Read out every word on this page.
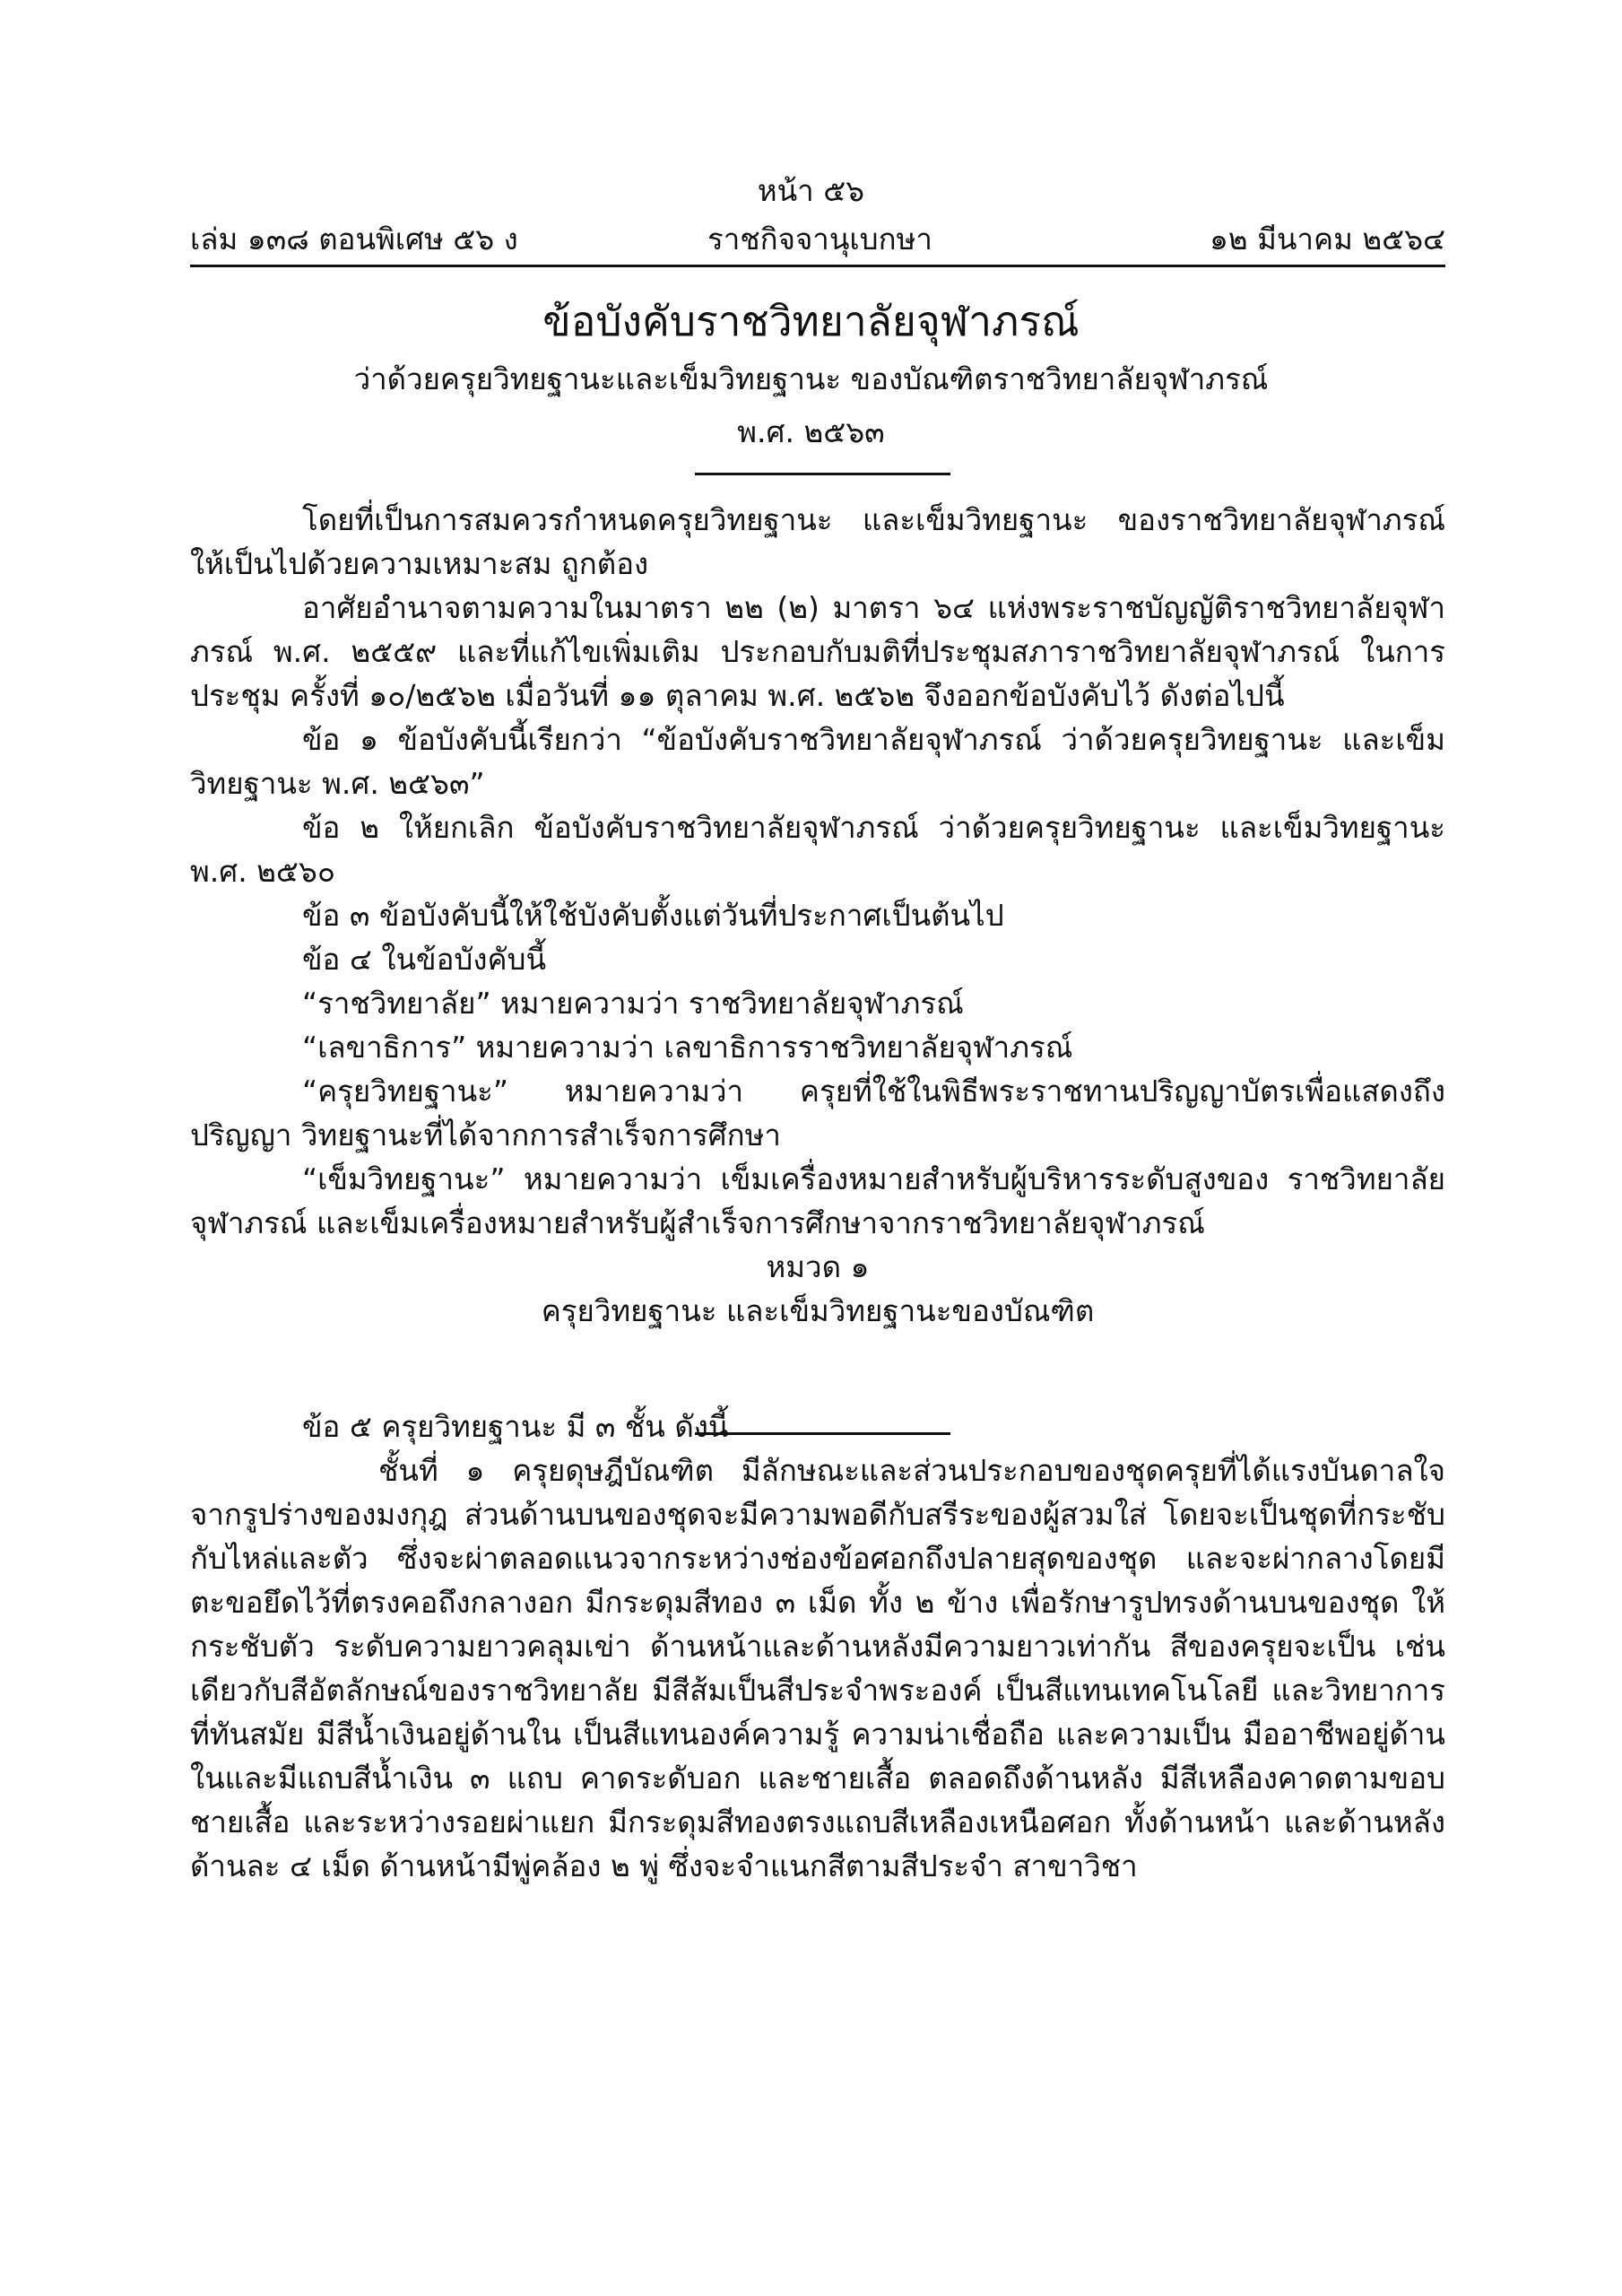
หน้า ๕๖
เล่ม ๑๓๘ ตอนพิเศษ ๕๖ ง	ราชกิจจานุเบกษา	๑๒ มีนาคม ๒๕๖๔
ข้อบังคับราชวิทยาลัยจุฬาภรณ์
ว่าด้วยครุยวิทยฐานะและเข็มวิทยฐานะ ของบัณฑิตราชวิทยาลัยจุฬาภรณ์
พ.ศ. ๒๕๖๓

โดยที่เป็นการสมควรกำหนดครุยวิทยฐานะ และเข็มวิทยฐานะ ของราชวิทยาลัยจุฬาภรณ์ ให้เป็นไปด้วยความเหมาะสม ถูกต้อง

อาศัยอำนาจตามความในมาตรา ๒๒ (๒) มาตรา ๖๔ แห่งพระราชบัญญัติราชวิทยาลัยจุฬาภรณ์ พ.ศ. ๒๕๕๙ และที่แก้ไขเพิ่มเติม ประกอบกับมติที่ประชุมสภาราชวิทยาลัยจุฬาภรณ์ ในการประชุม ครั้งที่ ๑๐/๒๕๖๒ เมื่อวันที่ ๑๑ ตุลาคม พ.ศ. ๒๕๖๒ จึงออกข้อบังคับไว้ ดังต่อไปนี้

ข้อ ๑ ข้อบังคับนี้เรียกว่า “ข้อบังคับราชวิทยาลัยจุฬาภรณ์ ว่าด้วยครุยวิทยฐานะ และเข็มวิทยฐานะ พ.ศ. ๒๕๖๓”

ข้อ ๒ ให้ยกเลิก ข้อบังคับราชวิทยาลัยจุฬาภรณ์ ว่าด้วยครุยวิทยฐานะ และเข็มวิทยฐานะ พ.ศ. ๒๕๖๐

ข้อ ๓ ข้อบังคับนี้ให้ใช้บังคับตั้งแต่วันที่ประกาศเป็นต้นไป

ข้อ ๔ ในข้อบังคับนี้

“ราชวิทยาลัย” หมายความว่า ราชวิทยาลัยจุฬาภรณ์

“เลขาธิการ” หมายความว่า เลขาธิการราชวิทยาลัยจุฬาภรณ์

“ครุยวิทยฐานะ” หมายความว่า ครุยที่ใช้ในพิธีพระราชทานปริญญาบัตรเพื่อแสดงถึงปริญญา วิทยฐานะที่ได้จากการสำเร็จการศึกษา

“เข็มวิทยฐานะ” หมายความว่า เข็มเครื่องหมายสำหรับผู้บริหารระดับสูงของ ราชวิทยาลัยจุฬาภรณ์ และเข็มเครื่องหมายสำหรับผู้สำเร็จการศึกษาจากราชวิทยาลัยจุฬาภรณ์

หมวด ๑

ครุยวิทยฐานะ และเข็มวิทยฐานะของบัณฑิต

ข้อ ๕ ครุยวิทยฐานะ มี ๓ ชั้น ดังนี้

ชั้นที่ ๑ ครุยดุษฎีบัณฑิต มีลักษณะและส่วนประกอบของชุดครุยที่ได้แรงบันดาลใจ จากรูปร่างของมงกุฎ ส่วนด้านบนของชุดจะมีความพอดีกับสรีระของผู้สวมใส่ โดยจะเป็นชุดที่กระชับ กับไหล่และตัว ซึ่งจะผ่าตลอดแนวจากระหว่างช่องข้อศอกถึงปลายสุดของชุด และจะผ่ากลางโดยมี ตะขอยึดไว้ที่ตรงคอถึงกลางอก มีกระดุมสีทอง ๓ เม็ด ทั้ง ๒ ข้าง เพื่อรักษารูปทรงด้านบนของชุด ให้กระชับตัว ระดับความยาวคลุมเข่า ด้านหน้าและด้านหลังมีความยาวเท่ากัน สีของครุยจะเป็น เช่นเดียวกับสีอัตลักษณ์ของราชวิทยาลัย มีสีส้มเป็นสีประจำพระองค์ เป็นสีแทนเทคโนโลยี และวิทยาการที่ทันสมัย มีสีน้ำเงินอยู่ด้านใน เป็นสีแทนองค์ความรู้ ความน่าเชื่อถือ และความเป็น มืออาชีพอยู่ด้านในและมีแถบสีน้ำเงิน ๓ แถบ คาดระดับอก และชายเสื้อ ตลอดถึงด้านหลัง มีสีเหลืองคาดตามขอบชายเสื้อ และระหว่างรอยผ่าแยก มีกระดุมสีทองตรงแถบสีเหลืองเหนือศอก ทั้งด้านหน้า และด้านหลัง ด้านละ ๔ เม็ด ด้านหน้ามีพู่คล้อง ๒ พู่ ซึ่งจะจำแนกสีตามสีประจำ สาขาวิชา
